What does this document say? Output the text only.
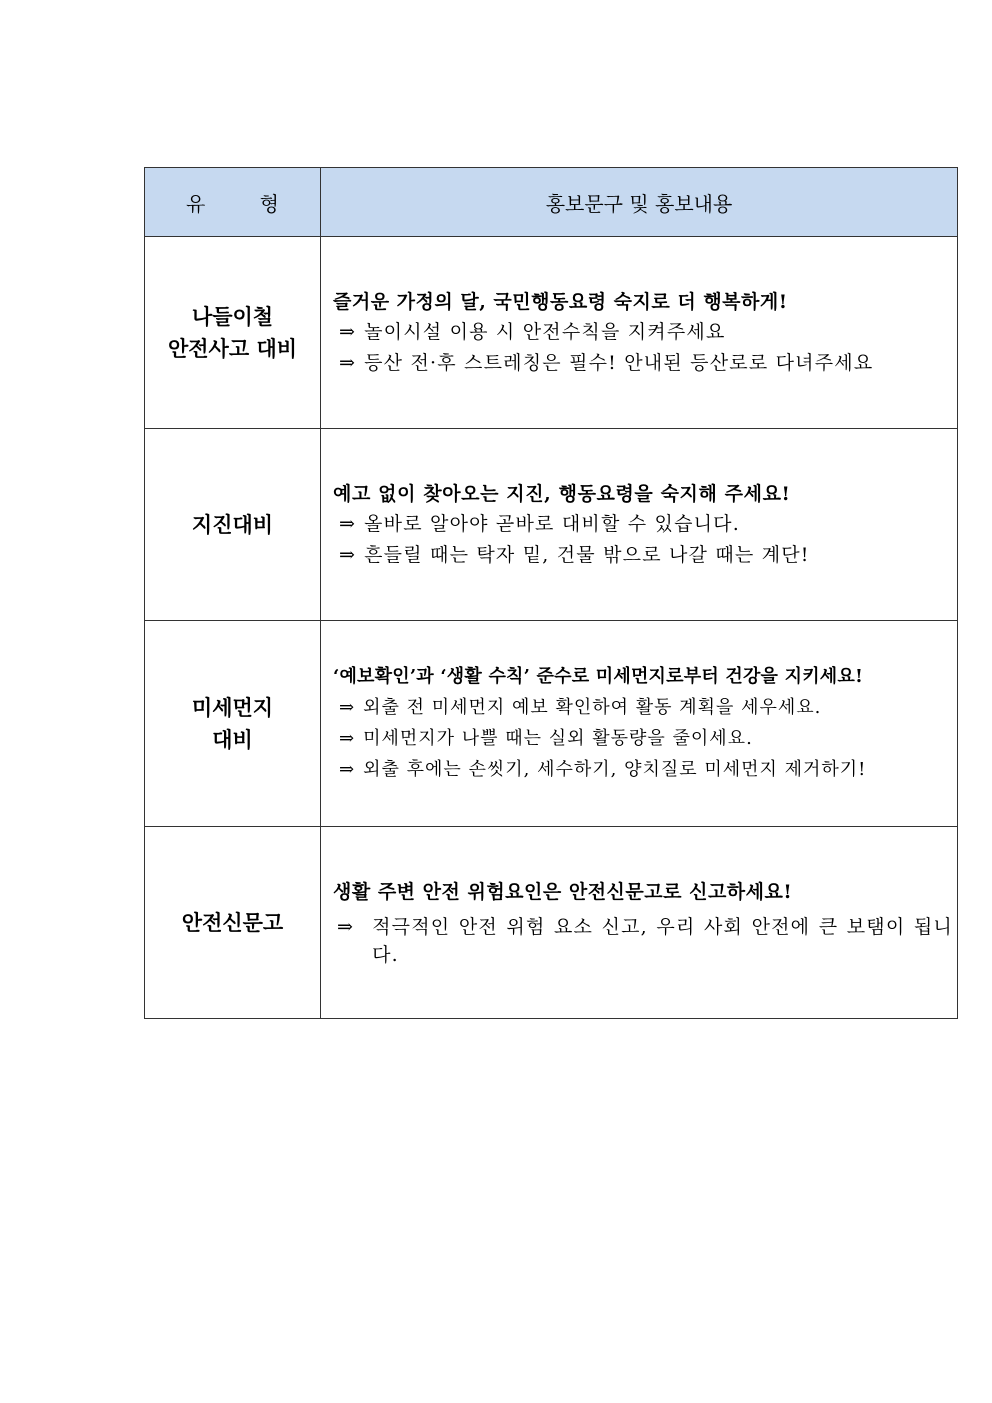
유 형	홍보문구 및 홍보내용

나들이철
안전사고 대비	즐거운 가정의 달, 국민행동요령 숙지로 더 행복하게!
⇒ 놀이시설 이용 시 안전수칙을 지켜주세요
⇒ 등산 전·후 스트레칭은 필수! 안내된 등산로로 다녀주세요

지진대비	예고 없이 찾아오는 지진, 행동요령을 숙지해 주세요!
⇒ 올바로 알아야 곧바로 대비할 수 있습니다.
⇒ 흔들릴 때는 탁자 밑, 건물 밖으로 나갈 때는 계단!

미세먼지
대비	‘예보확인’과 ‘생활 수칙’ 준수로 미세먼지로부터 건강을 지키세요!
⇒ 외출 전 미세먼지 예보 확인하여 활동 계획을 세우세요.
⇒ 미세먼지가 나쁠 때는 실외 활동량을 줄이세요.
⇒ 외출 후에는 손씻기, 세수하기, 양치질로 미세먼지 제거하기!

안전신문고	생활 주변 안전 위험요인은 안전신문고로 신고하세요!
⇒ 적극적인 안전 위험 요소 신고, 우리 사회 안전에 큰 보탬이 됩니다.
